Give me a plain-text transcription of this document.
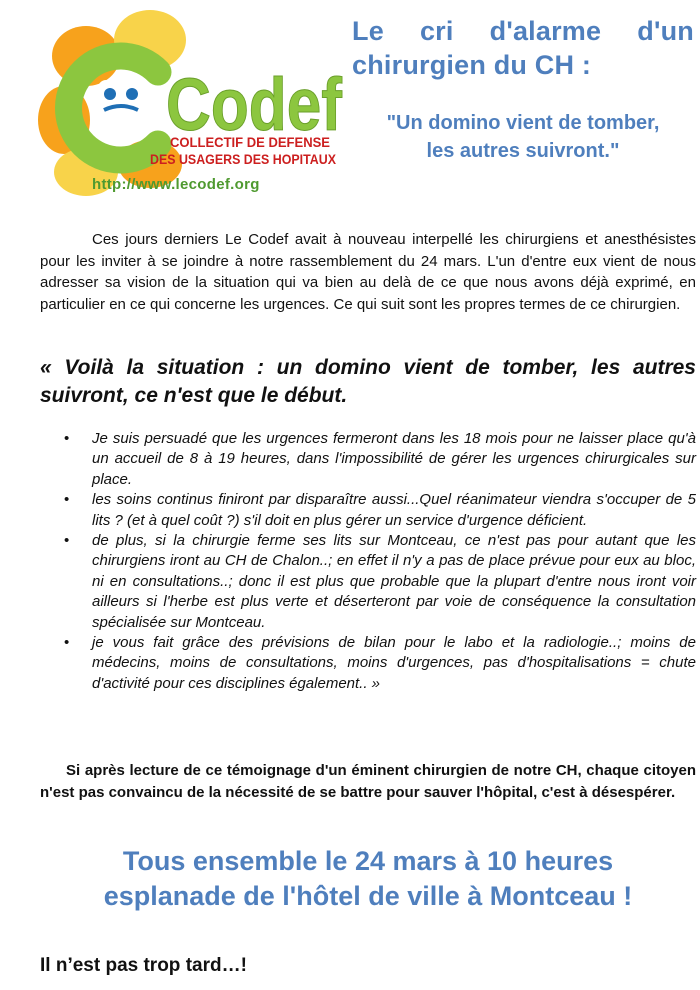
Codef
COLLECTIF DE DEFENSE
DES USAGERS DES HOPITAUX
Le cri d'alarme d'un
chirurgien du CH :
"Un domino vient de tomber,
les autres suivront."
http://www.lecodef.org

Ces jours derniers Le Codef avait à nouveau interpellé les chirurgiens et anesthésistes pour les inviter à se joindre à notre rassemblement du 24 mars. L'un d'entre eux vient de nous adresser sa vision de la situation qui va bien au delà de ce que nous avons déjà exprimé, en particulier en ce qui concerne les urgences. Ce qui suit sont les propres termes de ce chirurgien.

« Voilà la situation : un domino vient de tomber, les autres suivront, ce n'est que le début.

• Je suis persuadé que les urgences fermeront dans les 18 mois pour ne laisser place qu'à un accueil de 8 à 19 heures, dans l'impossibilité de gérer les urgences chirurgicales sur place.
• les soins continus finiront par disparaître aussi...Quel réanimateur viendra s'occuper de 5 lits ? (et à quel coût ?) s'il doit en plus gérer un service d'urgence déficient.
• de plus, si la chirurgie ferme ses lits sur Montceau, ce n'est pas pour autant que les chirurgiens iront au CH de Chalon..; en effet il n'y a pas de place prévue pour eux au bloc, ni en consultations..; donc il est plus que probable que la plupart d'entre nous iront voir ailleurs si l'herbe est plus verte et déserteront par voie de conséquence la consultation spécialisée sur Montceau.
• je vous fait grâce des prévisions de bilan pour le labo et la radiologie..; moins de médecins, moins de consultations, moins d'urgences, pas d'hospitalisations = chute d'activité pour ces disciplines également.. »

Si après lecture de ce témoignage d'un éminent chirurgien de notre CH, chaque citoyen n'est pas convaincu de la nécessité de se battre pour sauver l'hôpital, c'est à désespérer.

Tous ensemble le 24 mars à 10 heures
esplanade de l'hôtel de ville à Montceau !
Il n’est pas trop tard…!
